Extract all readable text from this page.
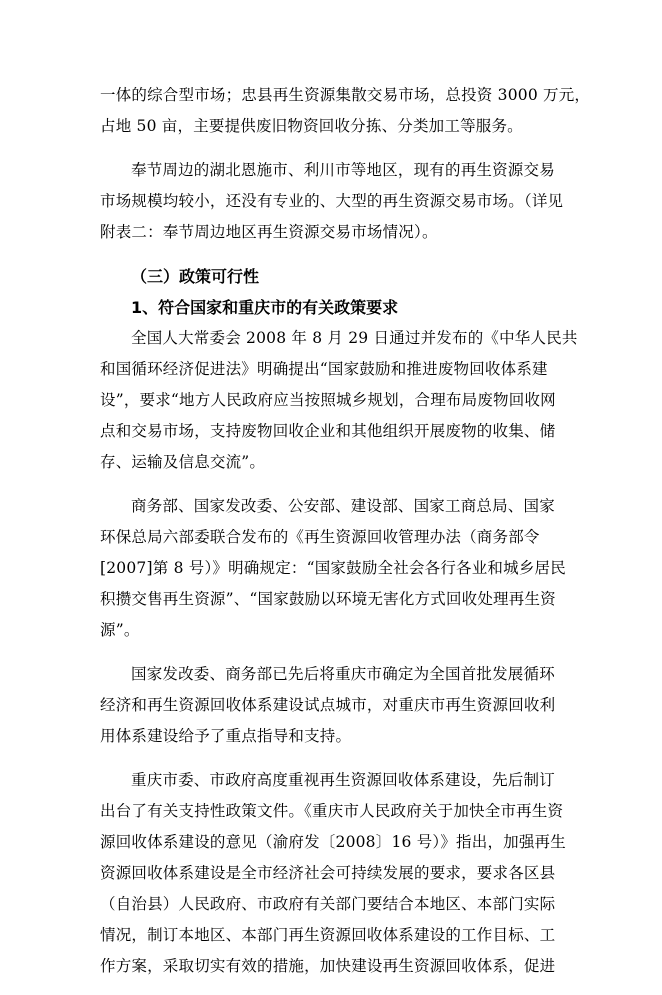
一体的综合型市场；忠县再生资源集散交易市场，总投资 3000 万元，
占地 50 亩，主要提供废旧物资回收分拣、分类加工等服务。

奉节周边的湖北恩施市、利川市等地区，现有的再生资源交易
市场规模均较小，还没有专业的、大型的再生资源交易市场。（详见
附表二：奉节周边地区再生资源交易市场情况）。

（三）政策可行性
1、符合国家和重庆市的有关政策要求

全国人大常委会 2008 年 8 月 29 日通过并发布的《中华人民共
和国循环经济促进法》明确提出“国家鼓励和推进废物回收体系建
设”，要求“地方人民政府应当按照城乡规划，合理布局废物回收网
点和交易市场，支持废物回收企业和其他组织开展废物的收集、储
存、运输及信息交流”。

商务部、国家发改委、公安部、建设部、国家工商总局、国家
环保总局六部委联合发布的《再生资源回收管理办法（商务部令
[2007]第 8 号）》明确规定：“国家鼓励全社会各行各业和城乡居民
积攒交售再生资源”、“国家鼓励以环境无害化方式回收处理再生资
源”。

国家发改委、商务部已先后将重庆市确定为全国首批发展循环
经济和再生资源回收体系建设试点城市，对重庆市再生资源回收利
用体系建设给予了重点指导和支持。

重庆市委、市政府高度重视再生资源回收体系建设，先后制订
出台了有关支持性政策文件。《重庆市人民政府关于加快全市再生资
源回收体系建设的意见（渝府发〔2008〕16 号）》指出，加强再生
资源回收体系建设是全市经济社会可持续发展的要求，要求各区县
（自治县）人民政府、市政府有关部门要结合本地区、本部门实际
情况，制订本地区、本部门再生资源回收体系建设的工作目标、工
作方案，采取切实有效的措施，加快建设再生资源回收体系，促进
